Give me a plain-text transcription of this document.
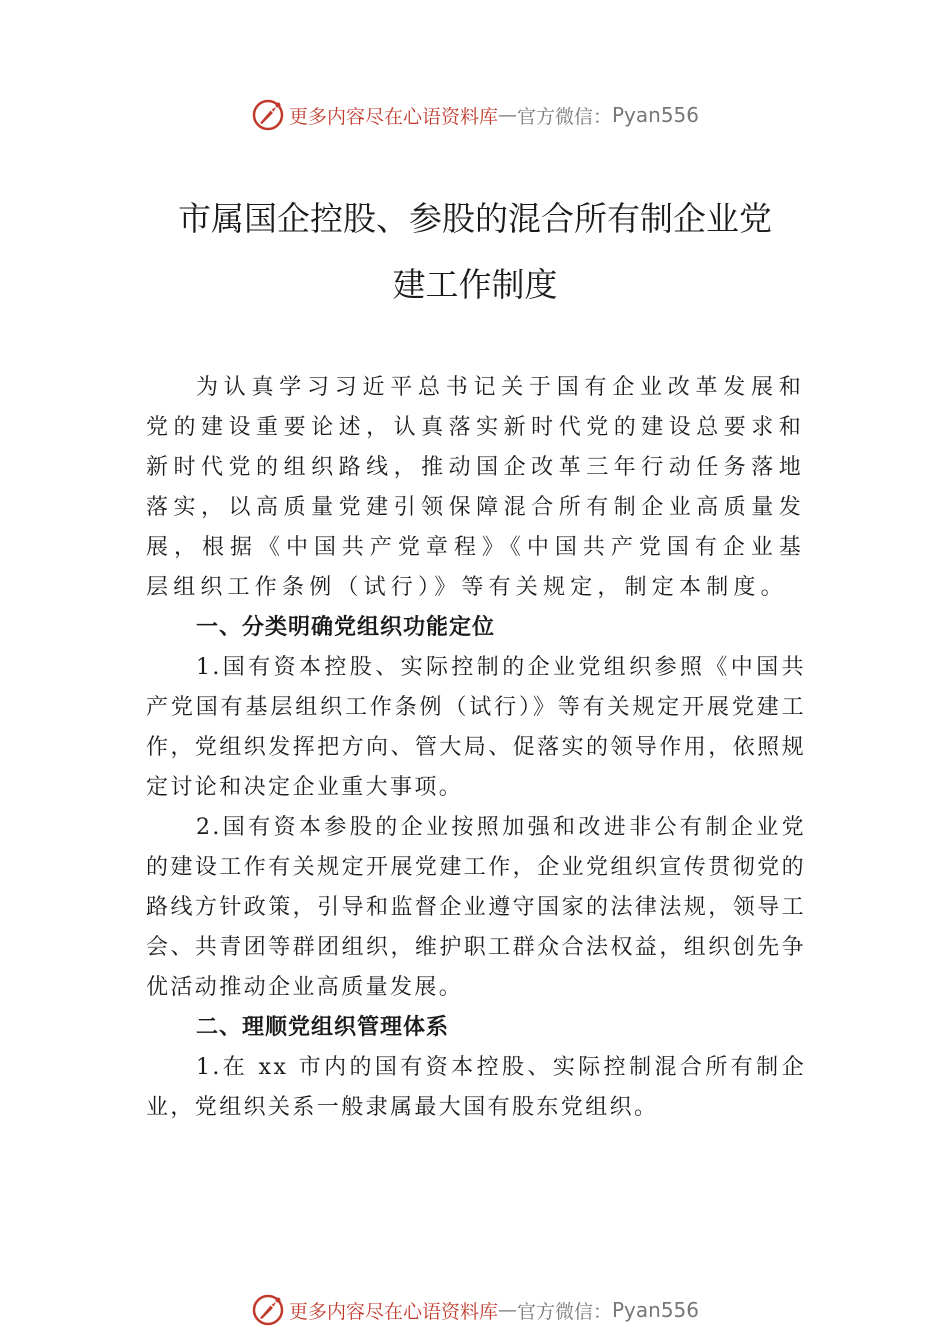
更多内容尽在心语资料库 — 官方微信： Pyan556
市属国企控股、参股的混合所有制企业党
建工作制度

为认真学习习近平总书记关于国有企业改革发展和党的建设重要论述，认真落实新时代党的建设总要求和新时代党的组织路线，推动国企改革三年行动任务落地落实，以高质量党建引领保障混合所有制企业高质量发展，根据《中国共产党章程》《中国共产党国有企业基层组织工作条例（试行）》等有关规定，制定本制度。

一、分类明确党组织功能定位

1.国有资本控股、实际控制的企业党组织参照《中国共产党国有基层组织工作条例（试行）》等有关规定开展党建工作，党组织发挥把方向、管大局、促落实的领导作用，依照规定讨论和决定企业重大事项。

2.国有资本参股的企业按照加强和改进非公有制企业党的建设工作有关规定开展党建工作，企业党组织宣传贯彻党的路线方针政策，引导和监督企业遵守国家的法律法规，领导工会、共青团等群团组织，维护职工群众合法权益，组织创先争优活动推动企业高质量发展。

二、理顺党组织管理体系

1.在 xx 市内的国有资本控股、实际控制混合所有制企业，党组织关系一般隶属最大国有股东党组织。

更多内容尽在心语资料库 — 官方微信： Pyan556
